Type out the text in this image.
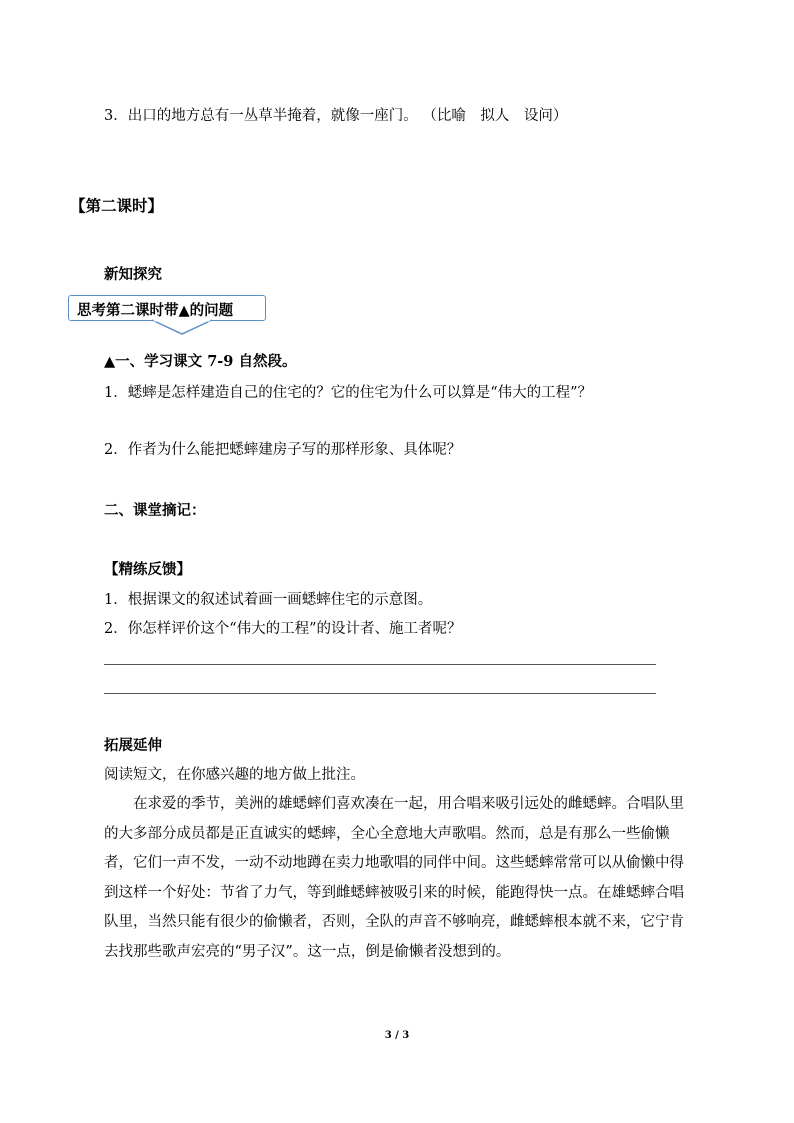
3．出口的地方总有一丛草半掩着，就像一座门。 （比喻　拟人　设问）
【第二课时】
新知探究
思考第二课时带▲的问题
▲一、学习课文 7-9 自然段。
1．蟋蟀是怎样建造自己的住宅的？它的住宅为什么可以算是“伟大的工程”？
2．作者为什么能把蟋蟀建房子写的那样形象、具体呢？
二、课堂摘记：
【精练反馈】
1．根据课文的叙述试着画一画蟋蟀住宅的示意图。
2．你怎样评价这个“伟大的工程”的设计者、施工者呢？
拓展延伸
阅读短文，在你感兴趣的地方做上批注。
　　在求爱的季节，美洲的雄蟋蟀们喜欢凑在一起，用合唱来吸引远处的雌蟋蟀。合唱队里
的大多部分成员都是正直诚实的蟋蟀，全心全意地大声歌唱。然而，总是有那么一些偷懒
者，它们一声不发，一动不动地蹲在卖力地歌唱的同伴中间。这些蟋蟀常常可以从偷懒中得
到这样一个好处：节省了力气，等到雌蟋蟀被吸引来的时候，能跑得快一点。在雄蟋蟀合唱
队里，当然只能有很少的偷懒者，否则，全队的声音不够响亮，雌蟋蟀根本就不来，它宁肯
去找那些歌声宏亮的“男子汉”。这一点，倒是偷懒者没想到的。
3 / 3
